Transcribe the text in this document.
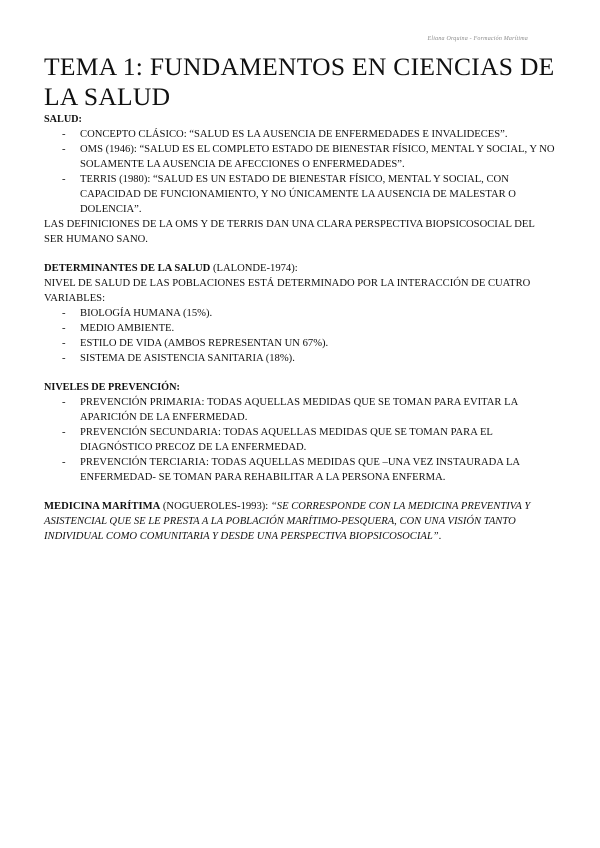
Eliana Orquina - Formación Marítima
TEMA 1: FUNDAMENTOS EN CIENCIAS DE LA SALUD

SALUD:

- CONCEPTO CLÁSICO: “SALUD ES LA AUSENCIA DE ENFERMEDADES E INVALIDECES”.
- OMS (1946): “SALUD ES EL COMPLETO ESTADO DE BIENESTAR FÍSICO, MENTAL Y SOCIAL, Y NO SOLAMENTE LA AUSENCIA DE AFECCIONES O ENFERMEDADES”.
- TERRIS (1980): “SALUD ES UN ESTADO DE BIENESTAR FÍSICO, MENTAL Y SOCIAL, CON CAPACIDAD DE FUNCIONAMIENTO, Y NO ÚNICAMENTE LA AUSENCIA DE MALESTAR O DOLENCIA”.

LAS DEFINICIONES DE LA OMS Y DE TERRIS DAN UNA CLARA PERSPECTIVA BIOPSICOSOCIAL DEL SER HUMANO SANO.

DETERMINANTES DE LA SALUD (LALONDE-1974):

NIVEL DE SALUD DE LAS POBLACIONES ESTÁ DETERMINADO POR LA INTERACCIÓN DE CUATRO VARIABLES:

- BIOLOGÍA HUMANA (15%).
- MEDIO AMBIENTE.
- ESTILO DE VIDA (AMBOS REPRESENTAN UN 67%).
- SISTEMA DE ASISTENCIA SANITARIA (18%).

NIVELES DE PREVENCIÓN:

- PREVENCIÓN PRIMARIA: TODAS AQUELLAS MEDIDAS QUE SE TOMAN PARA EVITAR LA APARICIÓN DE LA ENFERMEDAD.
- PREVENCIÓN SECUNDARIA: TODAS AQUELLAS MEDIDAS QUE SE TOMAN PARA EL DIAGNÓSTICO PRECOZ DE LA ENFERMEDAD.
- PREVENCIÓN TERCIARIA: TODAS AQUELLAS MEDIDAS QUE –UNA VEZ INSTAURADA LA ENFERMEDAD- SE TOMAN PARA REHABILITAR A LA PERSONA ENFERMA.

MEDICINA MARÍTIMA (NOGUEROLES-1993): “SE CORRESPONDE CON LA MEDICINA PREVENTIVA Y ASISTENCIAL QUE SE LE PRESTA A LA POBLACIÓN MARÍTIMO-PESQUERA, CON UNA VISIÓN TANTO INDIVIDUAL COMO COMUNITARIA Y DESDE UNA PERSPECTIVA BIOPSICOSOCIAL”.
